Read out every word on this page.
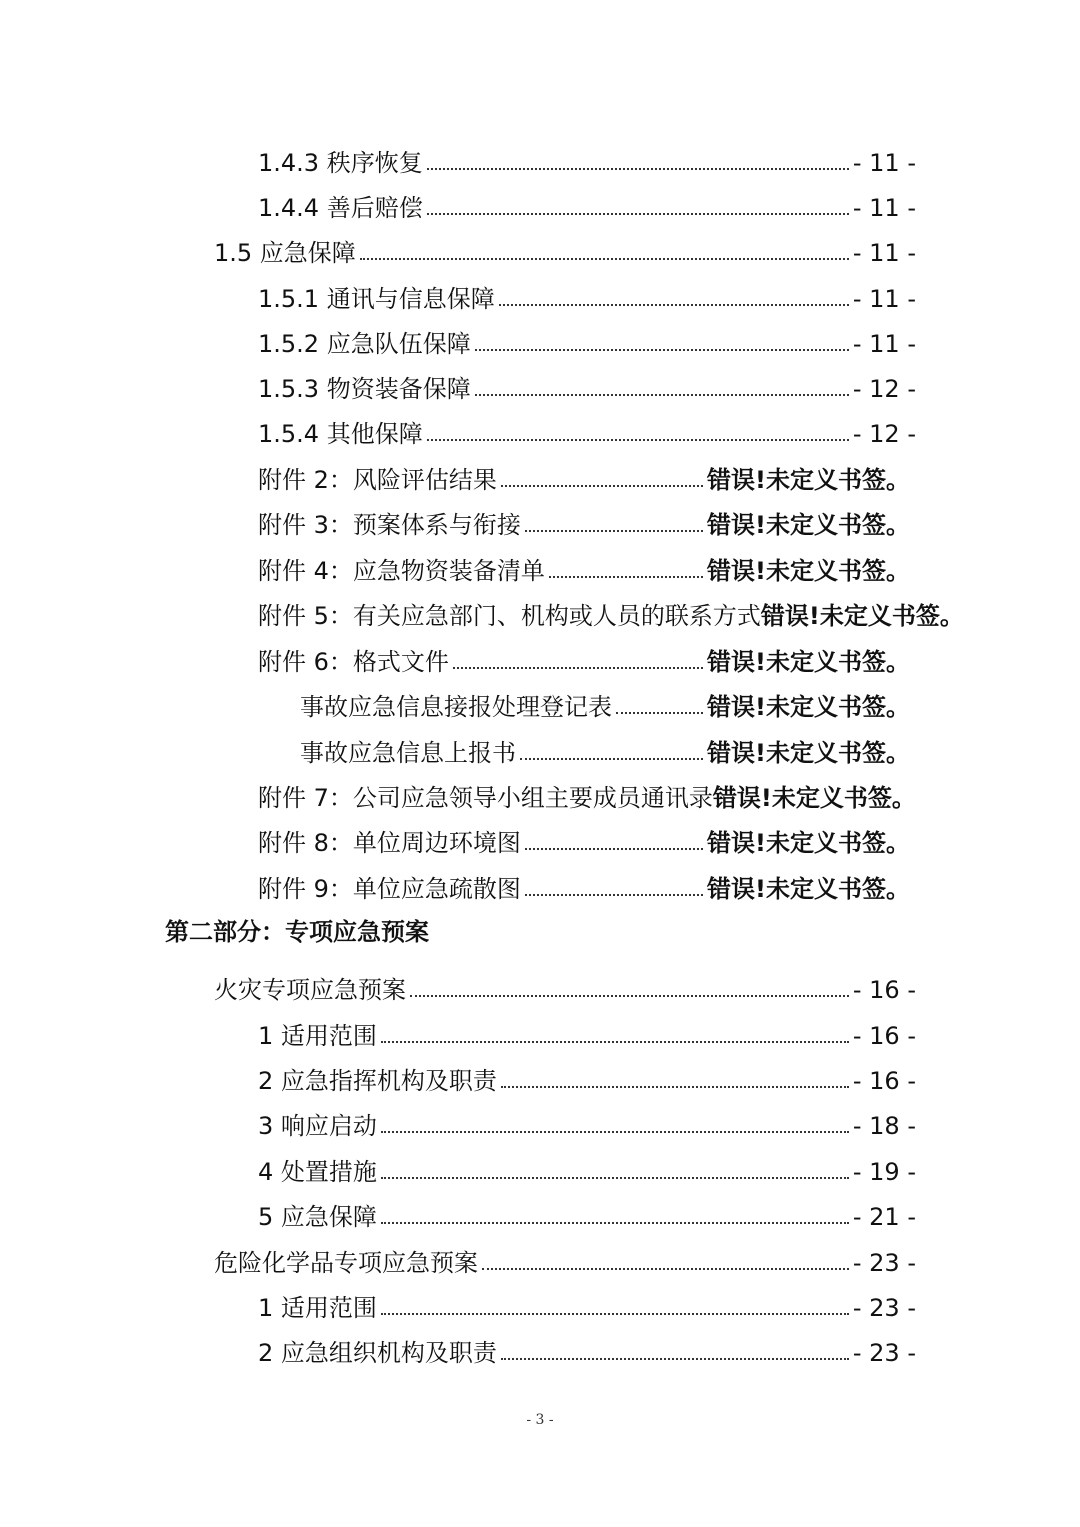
1.4.3 秩序恢复	- 11 -
1.4.4 善后赔偿	- 11 -
1.5 应急保障	- 11 -
1.5.1 通讯与信息保障	- 11 -
1.5.2 应急队伍保障	- 11 -
1.5.3 物资装备保障	- 12 -
1.5.4 其他保障	- 12 -
附件 2：风险评估结果	错误!未定义书签。
附件 3：预案体系与衔接	错误!未定义书签。
附件 4：应急物资装备清单	错误!未定义书签。
附件 5：有关应急部门、机构或人员的联系方式 错误!未定义书签。
附件 6：格式文件	错误!未定义书签。
事故应急信息接报处理登记表	错误!未定义书签。
事故应急信息上报书	错误!未定义书签。
附件 7：公司应急领导小组主要成员通讯录 错误!未定义书签。
附件 8：单位周边环境图	错误!未定义书签。
附件 9：单位应急疏散图	错误!未定义书签。
第二部分：专项应急预案
火灾专项应急预案	- 16 -
1 适用范围	- 16 -
2 应急指挥机构及职责	- 16 -
3 响应启动	- 18 -
4 处置措施	- 19 -
5 应急保障	- 21 -
危险化学品专项应急预案	- 23 -
1 适用范围	- 23 -
2 应急组织机构及职责	- 23 -
- 3 -
